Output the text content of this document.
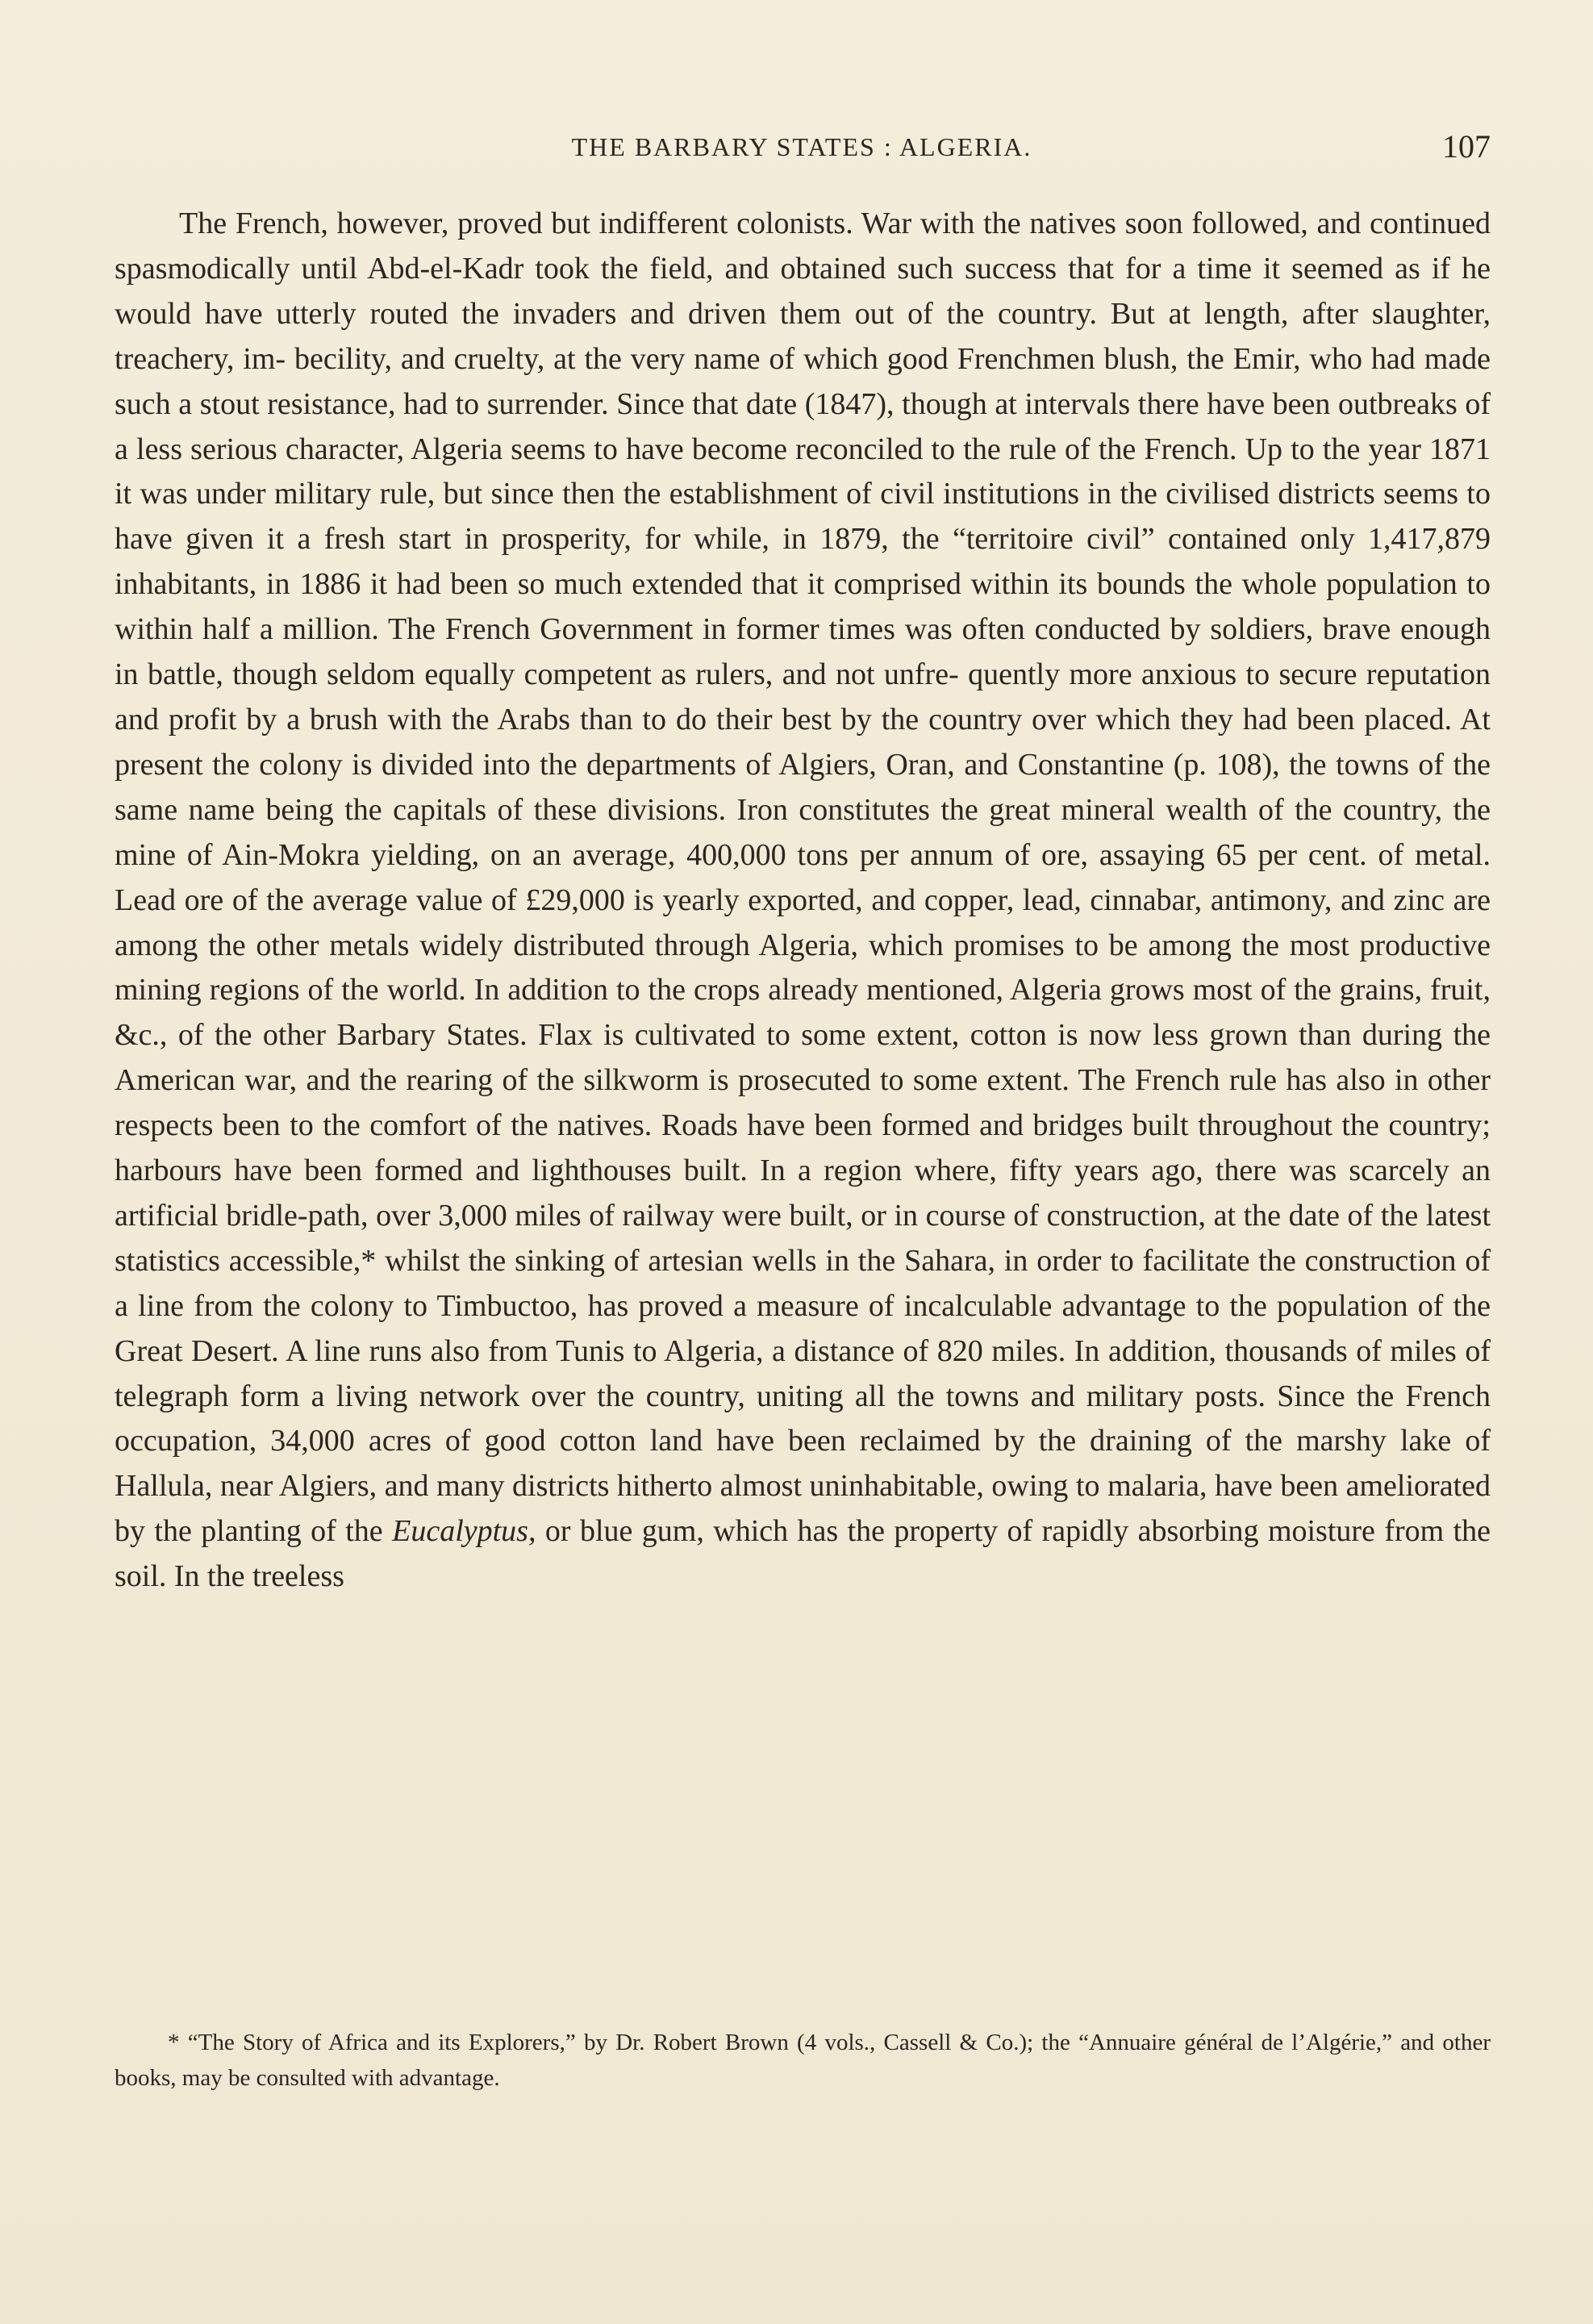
THE BARBARY STATES : ALGERIA.	107

The French, however, proved but indifferent colonists. War with the natives soon followed, and continued spasmodically until Abd-el-Kadr took the field, and obtained such success that for a time it seemed as if he would have utterly routed the invaders and driven them out of the country. But at length, after slaughter, treachery, im- becility, and cruelty, at the very name of which good Frenchmen blush, the Emir, who had made such a stout resistance, had to surrender. Since that date (1847), though at intervals there have been outbreaks of a less serious character, Algeria seems to have become reconciled to the rule of the French. Up to the year 1871 it was under military rule, but since then the establishment of civil institutions in the civilised districts seems to have given it a fresh start in prosperity, for while, in 1879, the “territoire civil” contained only 1,417,879 inhabitants, in 1886 it had been so much extended that it comprised within its bounds the whole population to within half a million. The French Government in former times was often conducted by soldiers, brave enough in battle, though seldom equally competent as rulers, and not unfre- quently more anxious to secure reputation and profit by a brush with the Arabs than to do their best by the country over which they had been placed. At present the colony is divided into the departments of Algiers, Oran, and Constantine (p. 108), the towns of the same name being the capitals of these divisions. Iron constitutes the great mineral wealth of the country, the mine of Ain-Mokra yielding, on an average, 400,000 tons per annum of ore, assaying 65 per cent. of metal. Lead ore of the average value of £29,000 is yearly exported, and copper, lead, cinnabar, antimony, and zinc are among the other metals widely distributed through Algeria, which promises to be among the most productive mining regions of the world. In addition to the crops already mentioned, Algeria grows most of the grains, fruit, &c., of the other Barbary States. Flax is cultivated to some extent, cotton is now less grown than during the American war, and the rearing of the silkworm is prosecuted to some extent. The French rule has also in other respects been to the comfort of the natives. Roads have been formed and bridges built throughout the country; harbours have been formed and lighthouses built. In a region where, fifty years ago, there was scarcely an artificial bridle-path, over 3,000 miles of railway were built, or in course of construction, at the date of the latest statistics accessible,* whilst the sinking of artesian wells in the Sahara, in order to facilitate the construction of a line from the colony to Timbuctoo, has proved a measure of incalculable advantage to the population of the Great Desert. A line runs also from Tunis to Algeria, a distance of 820 miles. In addition, thousands of miles of telegraph form a living network over the country, uniting all the towns and military posts. Since the French occupation, 34,000 acres of good cotton land have been reclaimed by the draining of the marshy lake of Hallula, near Algiers, and many districts hitherto almost uninhabitable, owing to malaria, have been ameliorated by the planting of the Eucalyptus, or blue gum, which has the property of rapidly absorbing moisture from the soil. In the treeless

* “The Story of Africa and its Explorers,” by Dr. Robert Brown (4 vols., Cassell & Co.); the “Annuaire général de l’Algérie,” and other books, may be consulted with advantage.
